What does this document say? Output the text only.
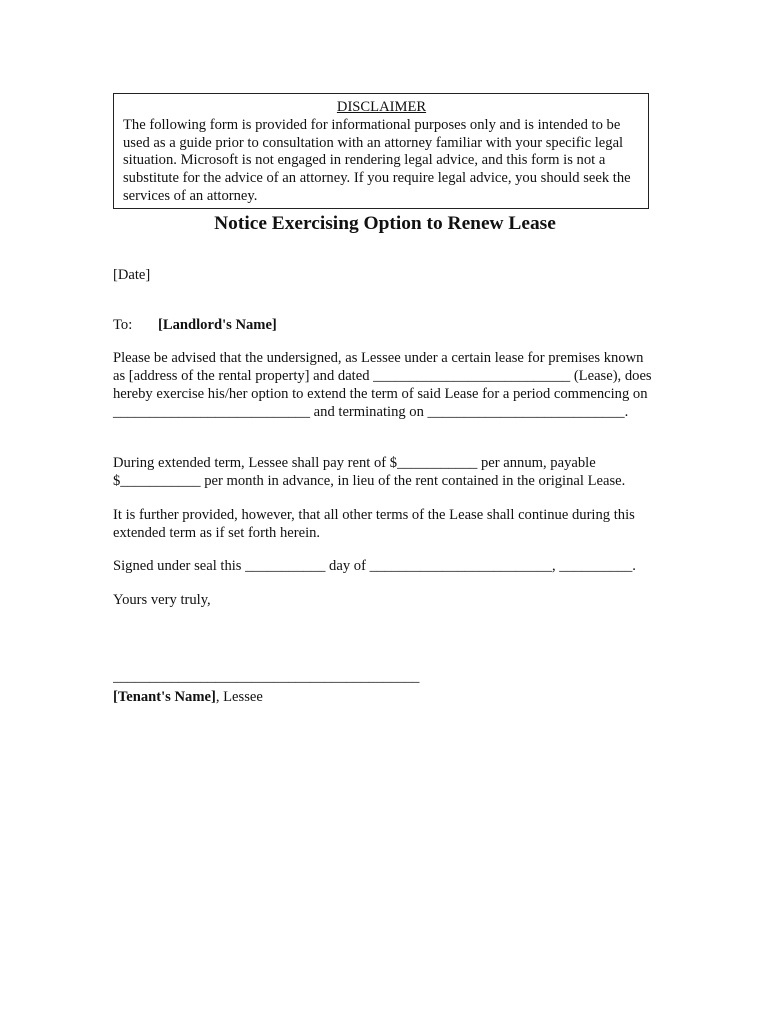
DISCLAIMER

The following form is provided for informational purposes only and is intended to be used as a guide prior to consultation with an attorney familiar with your specific legal situation. Microsoft is not engaged in rendering legal advice, and this form is not a substitute for the advice of an attorney. If you require legal advice, you should seek the services of an attorney.

Notice Exercising Option to Renew Lease
[Date]
To:	[Landlord's Name]

Please be advised that the undersigned, as Lessee under a certain lease for premises known as [address of the rental property] and dated ___________________________ (Lease), does hereby exercise his/her option to extend the term of said Lease for a period commencing on ___________________________ and terminating on ___________________________.

During extended term, Lessee shall pay rent of $___________ per annum, payable $___________ per month in advance, in lieu of the rent contained in the original Lease.

It is further provided, however, that all other terms of the Lease shall continue during this extended term as if set forth herein.

Signed under seal this ___________ day of _________________________, __________.

Yours very truly,
__________________________________________
[Tenant's Name], Lessee
